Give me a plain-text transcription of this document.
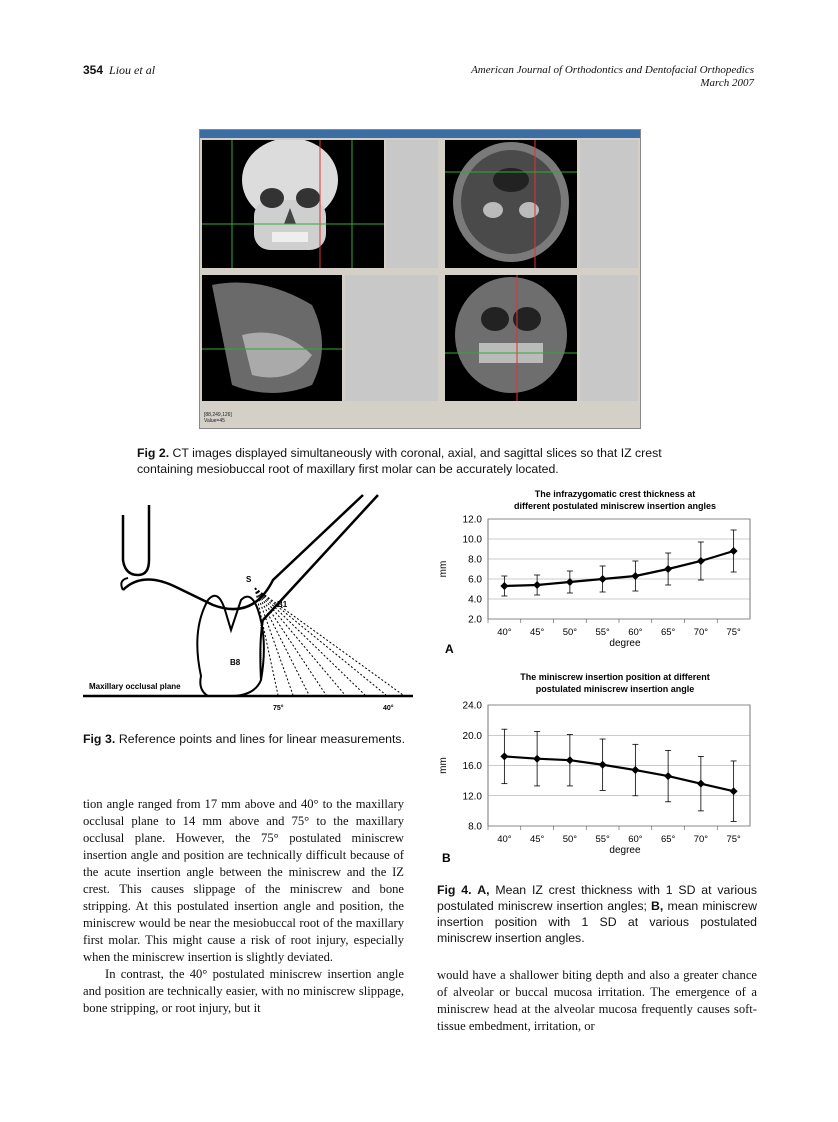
354 Liou et al	American Journal of Orthodontics and Dentofacial Orthopedics
March 2007
[88,249,126]
Value=45
Fig 2. CT images displayed simultaneously with coronal, axial, and sagittal slices so that IZ crest containing mesiobuccal root of maxillary first molar can be accurately located.
S
B1
B8
Maxillary occlusal plane
75°	40°
Fig 3. Reference points and lines for linear measurements.
The infrazygomatic crest thickness at
different postulated miniscrew insertion angles
12.0
10.0
8.0
6.0
4.0
2.0
40° 45° 50° 55° 60° 65° 70° 75°
degree
mm
A
The miniscrew insertion position at different
postulated miniscrew insertion angle
24.0
20.0
16.0
12.0
8.0
40° 45° 50° 55° 60° 65° 70° 75°
degree
mm
B
Fig 4. A, Mean IZ crest thickness with 1 SD at various postulated miniscrew insertion angles; B, mean miniscrew insertion position with 1 SD at various postulated miniscrew insertion angles.

tion angle ranged from 17 mm above and 40° to the maxillary occlusal plane to 14 mm above and 75° to the maxillary occlusal plane. However, the 75° postulated miniscrew insertion angle and position are technically difficult because of the acute insertion angle between the miniscrew and the IZ crest. This causes slippage of the miniscrew and bone stripping. At this postulated insertion angle and position, the miniscrew would be near the mesiobuccal root of the maxillary first molar. This might cause a risk of root injury, especially when the miniscrew insertion is slightly deviated.

In contrast, the 40° postulated miniscrew insertion angle and position are technically easier, with no miniscrew slippage, bone stripping, or root injury, but it

would have a shallower biting depth and also a greater chance of alveolar or buccal mucosa irritation. The emergence of a miniscrew head at the alveolar mucosa frequently causes soft-tissue embedment, irritation, or
